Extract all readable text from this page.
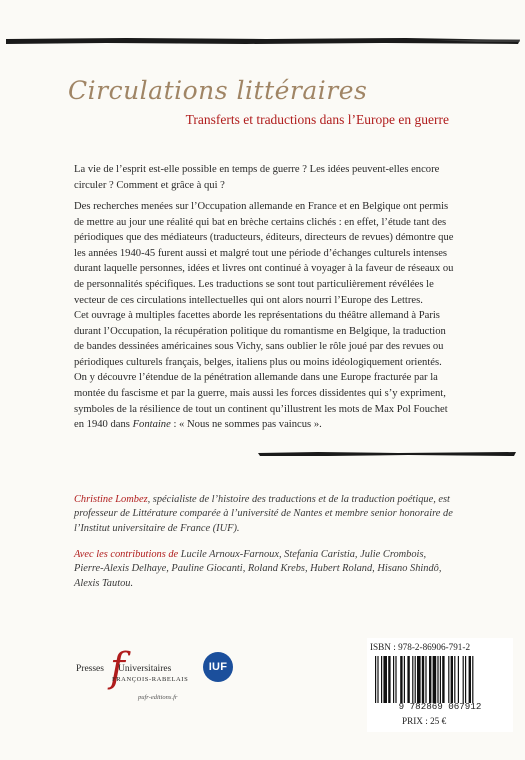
Circulations littéraires
Transferts et traductions dans l’Europe en guerre

La vie de l’esprit est-elle possible en temps de guerre ? Les idées peuvent-elles encore circuler ? Comment et grâce à qui ?

Des recherches menées sur l’Occupation allemande en France et en Belgique ont permis de mettre au jour une réalité qui bat en brèche certains clichés : en effet, l’étude tant des périodiques que des médiateurs (traducteurs, éditeurs, directeurs de revues) démontre que les années 1940-45 furent aussi et malgré tout une période d’échanges culturels intenses durant laquelle personnes, idées et livres ont continué à voyager à la faveur de réseaux ou de personnalités spécifiques. Les traductions se sont tout particulièrement révélées le vecteur de ces circulations intellectuelles qui ont alors nourri l’Europe des Lettres.

Cet ouvrage à multiples facettes aborde les représentations du théâtre allemand à Paris durant l’Occupation, la récupération politique du romantisme en Belgique, la traduction de bandes dessinées américaines sous Vichy, sans oublier le rôle joué par des revues ou périodiques culturels français, belges, italiens plus ou moins idéologiquement orientés. On y découvre l’étendue de la pénétration allemande dans une Europe fracturée par la montée du fascisme et par la guerre, mais aussi les forces dissidentes qui s’y expriment, symboles de la résilience de tout un continent qu’illustrent les mots de Max Pol Fouchet en 1940 dans Fontaine : « Nous ne sommes pas vaincus ».

Christine Lombez, spécialiste de l’histoire des traductions et de la traduction poétique, est professeur de Littérature comparée à l’université de Nantes et membre senior honoraire de l’Institut universitaire de France (IUF).
Avec les contributions de Lucile Arnoux-Farnoux, Stefania Caristia, Julie Crombois, Pierre-Alexis Delhaye, Pauline Giocanti, Roland Krebs, Hubert Roland, Hisano Shindô, Alexis Tautou.
f
Presses Universitaires
FRANÇOIS-RABELAIS
pufr-editions.fr
IUF
ISBN : 978-2-86906-791-2
9 782869 067912
PRIX : 25 €
